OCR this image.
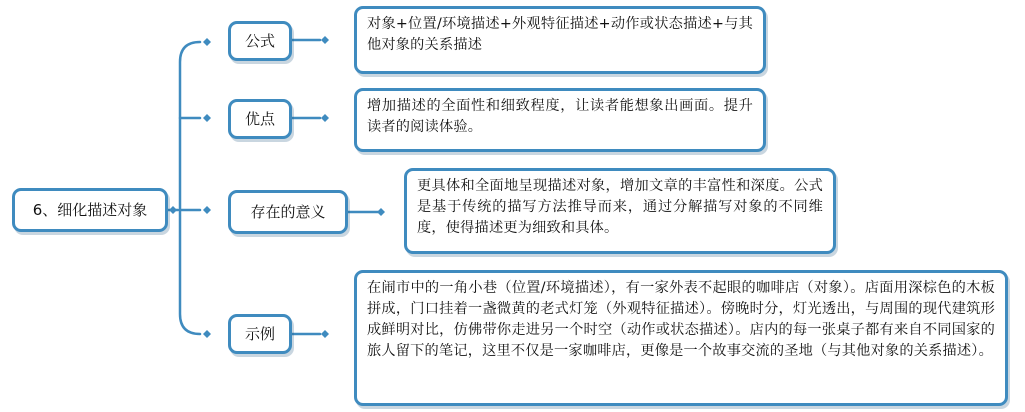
6、细化描述对象
公式
对象+位置/环境描述+外观特征描述+动作或状态描述+与其他对象的关系描述
优点
增加描述的全面性和细致程度，让读者能想象出画面。提升读者的阅读体验。
存在的意义
更具体和全面地呈现描述对象，增加文章的丰富性和深度。公式是基于传统的描写方法推导而来，通过分解描写对象的不同维度，使得描述更为细致和具体。
示例
在闹市中的一角小巷（位置/环境描述），有一家外表不起眼的咖啡店（对象）。店面用深棕色的木板拼成，门口挂着一盏微黄的老式灯笼（外观特征描述）。傍晚时分，灯光透出，与周围的现代建筑形成鲜明对比，仿佛带你走进另一个时空（动作或状态描述）。店内的每一张桌子都有来自不同国家的旅人留下的笔记，这里不仅是一家咖啡店，更像是一个故事交流的圣地（与其他对象的关系描述）。
